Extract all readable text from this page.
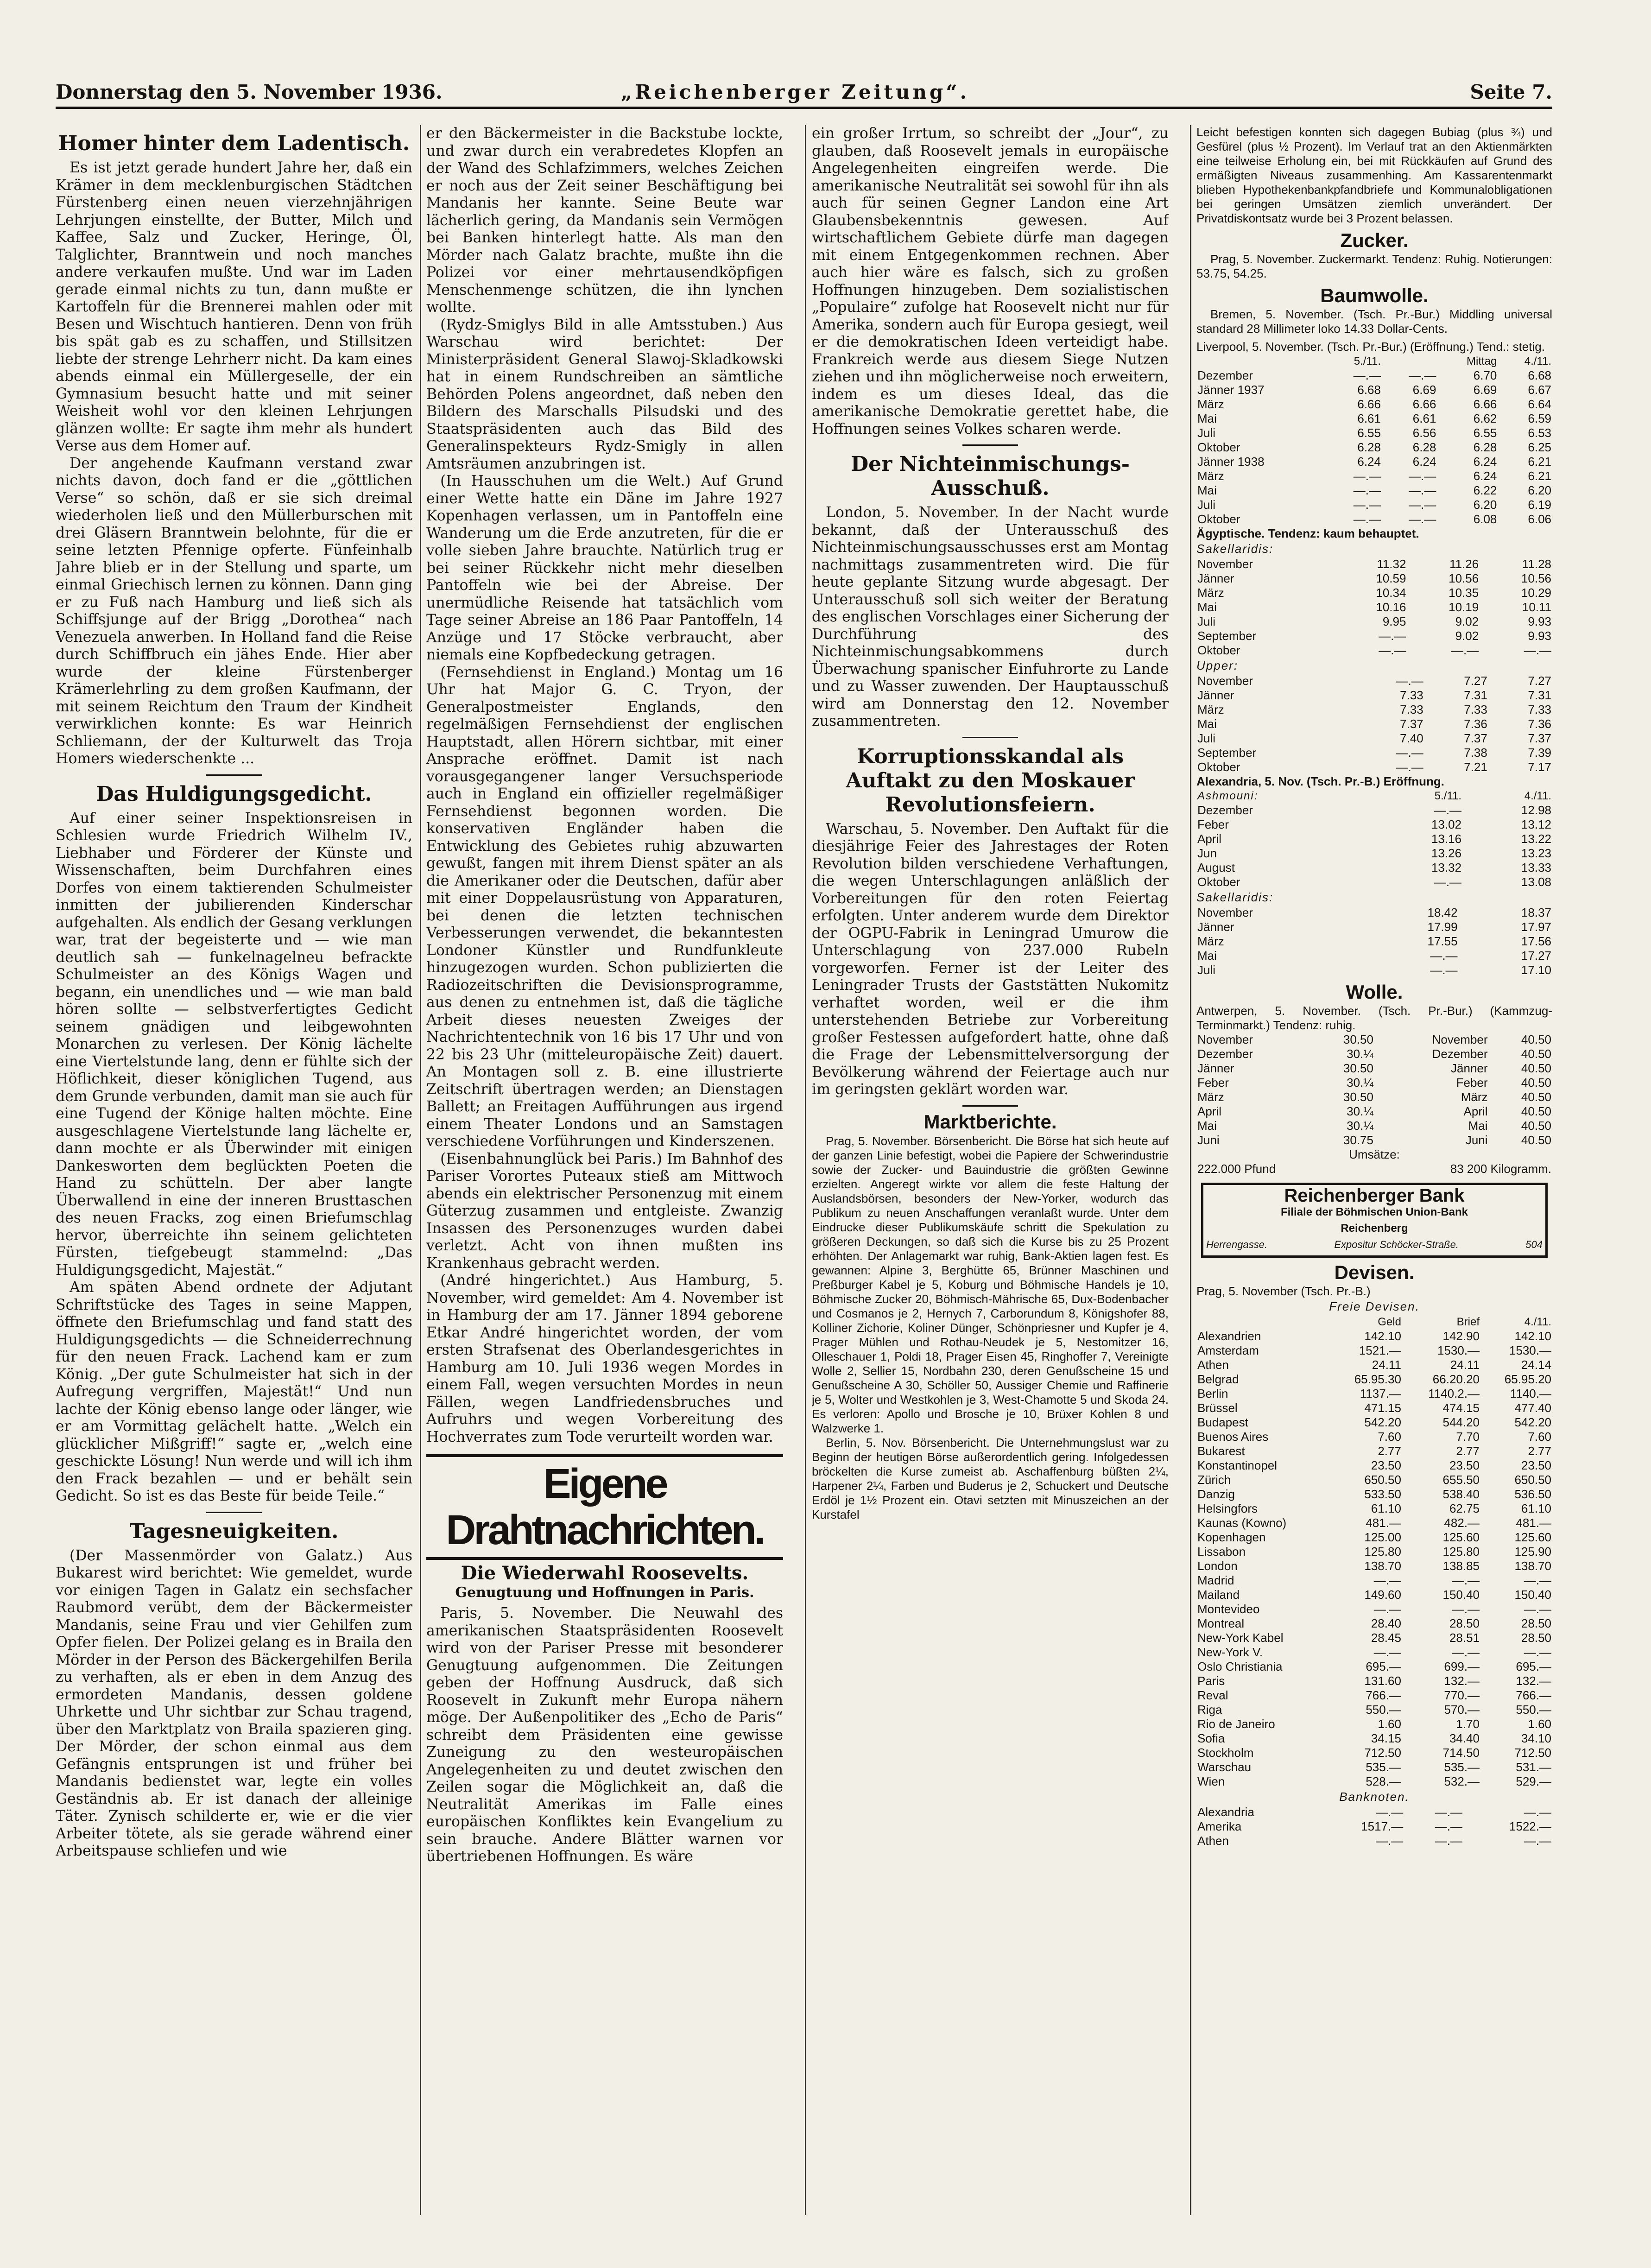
Donnerstag den 5. November 1936.	„Reichenberger Zeitung“.	Seite 7.
Homer hinter dem Ladentisch.

Es ist jetzt gerade hundert Jahre her, daß ein Krämer in dem mecklenburgischen Städtchen Fürstenberg einen neuen vierzehnjährigen Lehrjungen einstellte, der Butter, Milch und Kaffee, Salz und Zucker, Heringe, Öl, Talglichter, Branntwein und noch manches andere verkaufen mußte. Und war im Laden gerade einmal nichts zu tun, dann mußte er Kartoffeln für die Brennerei mahlen oder mit Besen und Wischtuch hantieren. Denn von früh bis spät gab es zu schaffen, und Stillsitzen liebte der strenge Lehrherr nicht. Da kam eines abends einmal ein Müllergeselle, der ein Gymnasium besucht hatte und mit seiner Weisheit wohl vor den kleinen Lehrjungen glänzen wollte: Er sagte ihm mehr als hundert Verse aus dem Homer auf.

Der angehende Kaufmann verstand zwar nichts davon, doch fand er die „göttlichen Verse“ so schön, daß er sie sich dreimal wiederholen ließ und den Müllerburschen mit drei Gläsern Branntwein belohnte, für die er seine letzten Pfennige opferte. Fünfeinhalb Jahre blieb er in der Stellung und sparte, um einmal Griechisch lernen zu können. Dann ging er zu Fuß nach Hamburg und ließ sich als Schiffsjunge auf der Brigg „Dorothea“ nach Venezuela anwerben. In Holland fand die Reise durch Schiffbruch ein jähes Ende. Hier aber wurde der kleine Fürstenberger Krämerlehrling zu dem großen Kaufmann, der mit seinem Reichtum den Traum der Kindheit verwirklichen konnte: Es war Heinrich Schliemann, der der Kulturwelt das Troja Homers wiederschenkte ...

Das Huldigungsgedicht.

Auf einer seiner Inspektionsreisen in Schlesien wurde Friedrich Wilhelm IV., Liebhaber und Förderer der Künste und Wissenschaften, beim Durchfahren eines Dorfes von einem taktierenden Schulmeister inmitten der jubilierenden Kinderschar aufgehalten. Als endlich der Gesang verklungen war, trat der begeisterte und — wie man deutlich sah — funkelnagelneu befrackte Schulmeister an des Königs Wagen und begann, ein unendliches und — wie man bald hören sollte — selbstverfertigtes Gedicht seinem gnädigen und leibgewohnten Monarchen zu verlesen. Der König lächelte eine Viertelstunde lang, denn er fühlte sich der Höflichkeit, dieser königlichen Tugend, aus dem Grunde verbunden, damit man sie auch für eine Tugend der Könige halten möchte. Eine ausgeschlagene Viertelstunde lang lächelte er, dann mochte er als Überwinder mit einigen Dankesworten dem beglückten Poeten die Hand zu schütteln. Der aber langte Überwallend in eine der inneren Brusttaschen des neuen Fracks, zog einen Briefumschlag hervor, überreichte ihn seinem gelichteten Fürsten, tiefgebeugt stammelnd: „Das Huldigungsgedicht, Majestät.“

Am späten Abend ordnete der Adjutant Schriftstücke des Tages in seine Mappen, öffnete den Briefumschlag und fand statt des Huldigungsgedichts — die Schneiderrechnung für den neuen Frack. Lachend kam er zum König. „Der gute Schulmeister hat sich in der Aufregung vergriffen, Majestät!“ Und nun lachte der König ebenso lange oder länger, wie er am Vormittag gelächelt hatte. „Welch ein glücklicher Mißgriff!“ sagte er, „welch eine geschickte Lösung! Nun werde und will ich ihm den Frack bezahlen — und er behält sein Gedicht. So ist es das Beste für beide Teile.“

Tagesneuigkeiten.

(Der Massenmörder von Galatz.) Aus Bukarest wird berichtet: Wie gemeldet, wurde vor einigen Tagen in Galatz ein sechsfacher Raubmord verübt, dem der Bäckermeister Mandanis, seine Frau und vier Gehilfen zum Opfer fielen. Der Polizei gelang es in Braila den Mörder in der Person des Bäckergehilfen Berila zu verhaften, als er eben in dem Anzug des ermordeten Mandanis, dessen goldene Uhrkette und Uhr sichtbar zur Schau tragend, über den Marktplatz von Braila spazieren ging. Der Mörder, der schon einmal aus dem Gefängnis entsprungen ist und früher bei Mandanis bedienstet war, legte ein volles Geständnis ab. Er ist danach der alleinige Täter. Zynisch schilderte er, wie er die vier Arbeiter tötete, als sie gerade während einer Arbeitspause schliefen und wie

er den Bäckermeister in die Backstube lockte, und zwar durch ein verabredetes Klopfen an der Wand des Schlafzimmers, welches Zeichen er noch aus der Zeit seiner Beschäftigung bei Mandanis her kannte. Seine Beute war lächerlich gering, da Mandanis sein Vermögen bei Banken hinterlegt hatte. Als man den Mörder nach Galatz brachte, mußte ihn die Polizei vor einer mehrtausendköpfigen Menschenmenge schützen, die ihn lynchen wollte.

(Rydz-Smiglys Bild in alle Amtsstuben.) Aus Warschau wird berichtet: Der Ministerpräsident General Slawoj-Skladkowski hat in einem Rundschreiben an sämtliche Behörden Polens angeordnet, daß neben den Bildern des Marschalls Pilsudski und des Staatspräsidenten auch das Bild des Generalinspekteurs Rydz-Smigly in allen Amtsräumen anzubringen ist.

(In Hausschuhen um die Welt.) Auf Grund einer Wette hatte ein Däne im Jahre 1927 Kopenhagen verlassen, um in Pantoffeln eine Wanderung um die Erde anzutreten, für die er volle sieben Jahre brauchte. Natürlich trug er bei seiner Rückkehr nicht mehr dieselben Pantoffeln wie bei der Abreise. Der unermüdliche Reisende hat tatsächlich vom Tage seiner Abreise an 186 Paar Pantoffeln, 14 Anzüge und 17 Stöcke verbraucht, aber niemals eine Kopfbedeckung getragen.

(Fernsehdienst in England.) Montag um 16 Uhr hat Major G. C. Tryon, der Generalpostmeister Englands, den regelmäßigen Fernsehdienst der englischen Hauptstadt, allen Hörern sichtbar, mit einer Ansprache eröffnet. Damit ist nach vorausgegangener langer Versuchsperiode auch in England ein offizieller regelmäßiger Fernsehdienst begonnen worden. Die konservativen Engländer haben die Entwicklung des Gebietes ruhig abzuwarten gewußt, fangen mit ihrem Dienst später an als die Amerikaner oder die Deutschen, dafür aber mit einer Doppelausrüstung von Apparaturen, bei denen die letzten technischen Verbesserungen verwendet, die bekanntesten Londoner Künstler und Rundfunkleute hinzugezogen wurden. Schon publizierten die Radiozeitschriften die Devisionsprogramme, aus denen zu entnehmen ist, daß die tägliche Arbeit dieses neuesten Zweiges der Nachrichtentechnik von 16 bis 17 Uhr und von 22 bis 23 Uhr (mitteleuropäische Zeit) dauert. An Montagen soll z. B. eine illustrierte Zeitschrift übertragen werden; an Dienstagen Ballett; an Freitagen Aufführungen aus irgend einem Theater Londons und an Samstagen verschiedene Vorführungen und Kinderszenen.

(Eisenbahnunglück bei Paris.) Im Bahnhof des Pariser Vorortes Puteaux stieß am Mittwoch abends ein elektrischer Personenzug mit einem Güterzug zusammen und entgleiste. Zwanzig Insassen des Personenzuges wurden dabei verletzt. Acht von ihnen mußten ins Krankenhaus gebracht werden.

(André hingerichtet.) Aus Hamburg, 5. November, wird gemeldet: Am 4. November ist in Hamburg der am 17. Jänner 1894 geborene Etkar André hingerichtet worden, der vom ersten Strafsenat des Oberlandesgerichtes in Hamburg am 10. Juli 1936 wegen Mordes in einem Fall, wegen versuchten Mordes in neun Fällen, wegen Landfriedensbruches und Aufruhrs und wegen Vorbereitung des Hochverrates zum Tode verurteilt worden war.

Eigene Drahtnachrichten.
Die Wiederwahl Roosevelts.
Genugtuung und Hoffnungen in Paris.

Paris, 5. November. Die Neuwahl des amerikanischen Staatspräsidenten Roosevelt wird von der Pariser Presse mit besonderer Genugtuung aufgenommen. Die Zeitungen geben der Hoffnung Ausdruck, daß sich Roosevelt in Zukunft mehr Europa nähern möge. Der Außenpolitiker des „Echo de Paris“ schreibt dem Präsidenten eine gewisse Zuneigung zu den westeuropäischen Angelegenheiten zu und deutet zwischen den Zeilen sogar die Möglichkeit an, daß die Neutralität Amerikas im Falle eines europäischen Konfliktes kein Evangelium zu sein brauche. Andere Blätter warnen vor übertriebenen Hoffnungen. Es wäre

ein großer Irrtum, so schreibt der „Jour“, zu glauben, daß Roosevelt jemals in europäische Angelegenheiten eingreifen werde. Die amerikanische Neutralität sei sowohl für ihn als auch für seinen Gegner Landon eine Art Glaubensbekenntnis gewesen. Auf wirtschaftlichem Gebiete dürfe man dagegen mit einem Entgegenkommen rechnen. Aber auch hier wäre es falsch, sich zu großen Hoffnungen hinzugeben. Dem sozialistischen „Populaire“ zufolge hat Roosevelt nicht nur für Amerika, sondern auch für Europa gesiegt, weil er die demokratischen Ideen verteidigt habe. Frankreich werde aus diesem Siege Nutzen ziehen und ihn möglicherweise noch erweitern, indem es um dieses Ideal, das die amerikanische Demokratie gerettet habe, die Hoffnungen seines Volkes scharen werde.

Der Nichteinmischungs-Ausschuß.

London, 5. November. In der Nacht wurde bekannt, daß der Unterausschuß des Nichteinmischungsausschusses erst am Montag nachmittags zusammentreten wird. Die für heute geplante Sitzung wurde abgesagt. Der Unterausschuß soll sich weiter der Beratung des englischen Vorschlages einer Sicherung der Durchführung des Nichteinmischungsabkommens durch Überwachung spanischer Einfuhrorte zu Lande und zu Wasser zuwenden. Der Hauptausschuß wird am Donnerstag den 12. November zusammentreten.

Korruptionsskandal als Auftakt zu den Moskauer Revolutionsfeiern.

Warschau, 5. November. Den Auftakt für die diesjährige Feier des Jahrestages der Roten Revolution bilden verschiedene Verhaftungen, die wegen Unterschlagungen anläßlich der Vorbereitungen für den roten Feiertag erfolgten. Unter anderem wurde dem Direktor der OGPU-Fabrik in Leningrad Umurow die Unterschlagung von 237.000 Rubeln vorgeworfen. Ferner ist der Leiter des Leningrader Trusts der Gaststätten Nukomitz verhaftet worden, weil er die ihm unterstehenden Betriebe zur Vorbereitung großer Festessen aufgefordert hatte, ohne daß die Frage der Lebensmittelversorgung der Bevölkerung während der Feiertage auch nur im geringsten geklärt worden war.

Marktberichte.

Prag, 5. November. Börsenbericht. Die Börse hat sich heute auf der ganzen Linie befestigt, wobei die Papiere der Schwerindustrie sowie der Zucker- und Bauindustrie die größten Gewinne erzielten. Angeregt wirkte vor allem die feste Haltung der Auslandsbörsen, besonders der New-Yorker, wodurch das Publikum zu neuen Anschaffungen veranlaßt wurde. Unter dem Eindrucke dieser Publikumskäufe schritt die Spekulation zu größeren Deckungen, so daß sich die Kurse bis zu 25 Prozent erhöhten. Der Anlagemarkt war ruhig, Bank-Aktien lagen fest. Es gewannen: Alpine 3, Berghütte 65, Brünner Maschinen und Preßburger Kabel je 5, Koburg und Böhmische Handels je 10, Böhmische Zucker 20, Böhmisch-Mährische 65, Dux-Bodenbacher und Cosmanos je 2, Hernych 7, Carborundum 8, Königshofer 88, Kolliner Zichorie, Koliner Dünger, Schönpriesner und Kupfer je 4, Prager Mühlen und Rothau-Neudek je 5, Nestomitzer 16, Olleschauer 1, Poldi 18, Prager Eisen 45, Ringhoffer 7, Vereinigte Wolle 2, Sellier 15, Nordbahn 230, deren Genußscheine 15 und Genußscheine A 30, Schöller 50, Aussiger Chemie und Raffinerie je 5, Wolter und Westkohlen je 3, West-Chamotte 5 und Skoda 24. Es verloren: Apollo und Brosche je 10, Brüxer Kohlen 8 und Walzwerke 1.

Berlin, 5. Nov. Börsenbericht. Die Unternehmungslust war zu Beginn der heutigen Börse außerordentlich gering. Infolgedessen bröckelten die Kurse zumeist ab. Aschaffenburg büßten 2¼, Harpener 2¼, Farben und Buderus je 2, Schuckert und Deutsche Erdöl je 1½ Prozent ein. Otavi setzten mit Minuszeichen an der Kurstafel

Leicht befestigen konnten sich dagegen Bubiag (plus ¾) und Gesfürel (plus ½ Prozent). Im Verlauf trat an den Aktienmärkten eine teilweise Erholung ein, bei mit Rückkäufen auf Grund des ermäßigten Niveaus zusammenhing. Am Kassarentenmarkt blieben Hypothekenbankpfandbriefe und Kommunalobligationen bei geringen Umsätzen ziemlich unverändert. Der Privatdiskontsatz wurde bei 3 Prozent belassen.

Zucker.

Prag, 5. November. Zuckermarkt. Tendenz: Ruhig. Notierungen: 53.75, 54.25.

Baumwolle.

Bremen, 5. November. (Tsch. Pr.-Bur.) Middling universal standard 28 Millimeter loko 14.33 Dollar-Cents.

Liverpool, 5. November. (Tsch. Pr.-Bur.) (Eröffnung.) Tend.: stetig.
	5./11.		Mittag	4./11.
Dezember	—.—	—.—	6.70	6.68
Jänner 1937	6.68	6.69	6.69	6.67
März	6.66	6.66	6.66	6.64
Mai	6.61	6.61	6.62	6.59
Juli	6.55	6.56	6.55	6.53
Oktober	6.28	6.28	6.28	6.25
Jänner 1938	6.24	6.24	6.24	6.21
März	—.—	—.—	6.24	6.21
Mai	—.—	—.—	6.22	6.20
Juli	—.—	—.—	6.20	6.19
Oktober	—.—	—.—	6.08	6.06
Ägyptische. Tendenz: kaum behauptet.
Sakellaridis:
November	11.32	11.26	11.28
Jänner	10.59	10.56	10.56
März	10.34	10.35	10.29
Mai	10.16	10.19	10.11
Juli	9.95	9.02	9.93
September	—.—	9.02	9.93
Oktober	—.—	—.—	—.—
Upper:
November	—.—	7.27	7.27
Jänner	7.33	7.31	7.31
März	7.33	7.33	7.33
Mai	7.37	7.36	7.36
Juli	7.40	7.37	7.37
September	—.—	7.38	7.39
Oktober	—.—	7.21	7.17
Alexandria, 5. Nov. (Tsch. Pr.-B.) Eröffnung.
Ashmouni:	5./11.	4./11.
Dezember	—.—	12.98
Feber	13.02	13.12
April	13.16	13.22
Jun	13.26	13.23
August	13.32	13.33
Oktober	—.—	13.08
Sakellaridis:
November	18.42	18.37
Jänner	17.99	17.97
März	17.55	17.56
Mai	—.—	17.27
Juli	—.—	17.10
Wolle.
Antwerpen, 5. November. (Tsch. Pr.-Bur.) (Kammzug-Terminmarkt.) Tendenz: ruhig.
November	30.50	November	40.50
Dezember	30.¼	Dezember	40.50
Jänner	30.50	Jänner	40.50
Feber	30.¼	Feber	40.50
März	30.50	März	40.50
April	30.¼	April	40.50
Mai	30.¼	Mai	40.50
Juni	30.75	Juni	40.50
Umsätze:
222.000 Pfund	83 200 Kilogramm.
Reichenberger Bank
Filiale der Böhmischen Union-Bank
Reichenberg
Herrengasse.	Expositur Schöcker-Straße.	504
Devisen.
Prag, 5. November (Tsch. Pr.-B.)
Freie Devisen.
	Geld	Brief	4./11.
Alexandrien	142.10	142.90	142.10
Amsterdam	1521.—	1530.—	1530.—
Athen	24.11	24.11	24.14
Belgrad	65.95.30	66.20.20	65.95.20
Berlin	1137.—	1140.2.—	1140.—
Brüssel	471.15	474.15	477.40
Budapest	542.20	544.20	542.20
Buenos Aires	7.60	7.70	7.60
Bukarest	2.77	2.77	2.77
Konstantinopel	23.50	23.50	23.50
Zürich	650.50	655.50	650.50
Danzig	533.50	538.40	536.50
Helsingfors	61.10	62.75	61.10
Kaunas (Kowno)	481.—	482.—	481.—
Kopenhagen	125.00	125.60	125.60
Lissabon	125.80	125.80	125.90
London	138.70	138.85	138.70
Madrid	—.—	—.—	—.—
Mailand	149.60	150.40	150.40
Montevideo	—.—	—.—	—.—
Montreal	28.40	28.50	28.50
New-York Kabel	28.45	28.51	28.50
New-York V.	—.—	—.—	—.—
Oslo Christiania	695.—	699.—	695.—
Paris	131.60	132.—	132.—
Reval	766.—	770.—	766.—
Riga	550.—	570.—	550.—
Rio de Janeiro	1.60	1.70	1.60
Sofia	34.15	34.40	34.10
Stockholm	712.50	714.50	712.50
Warschau	535.—	535.—	531.—
Wien	528.—	532.—	529.—
Banknoten.
Alexandria	—.—	—.—	—.—
Amerika	1517.—	—.—	1522.—
Athen	—.—	—.—	—.—
